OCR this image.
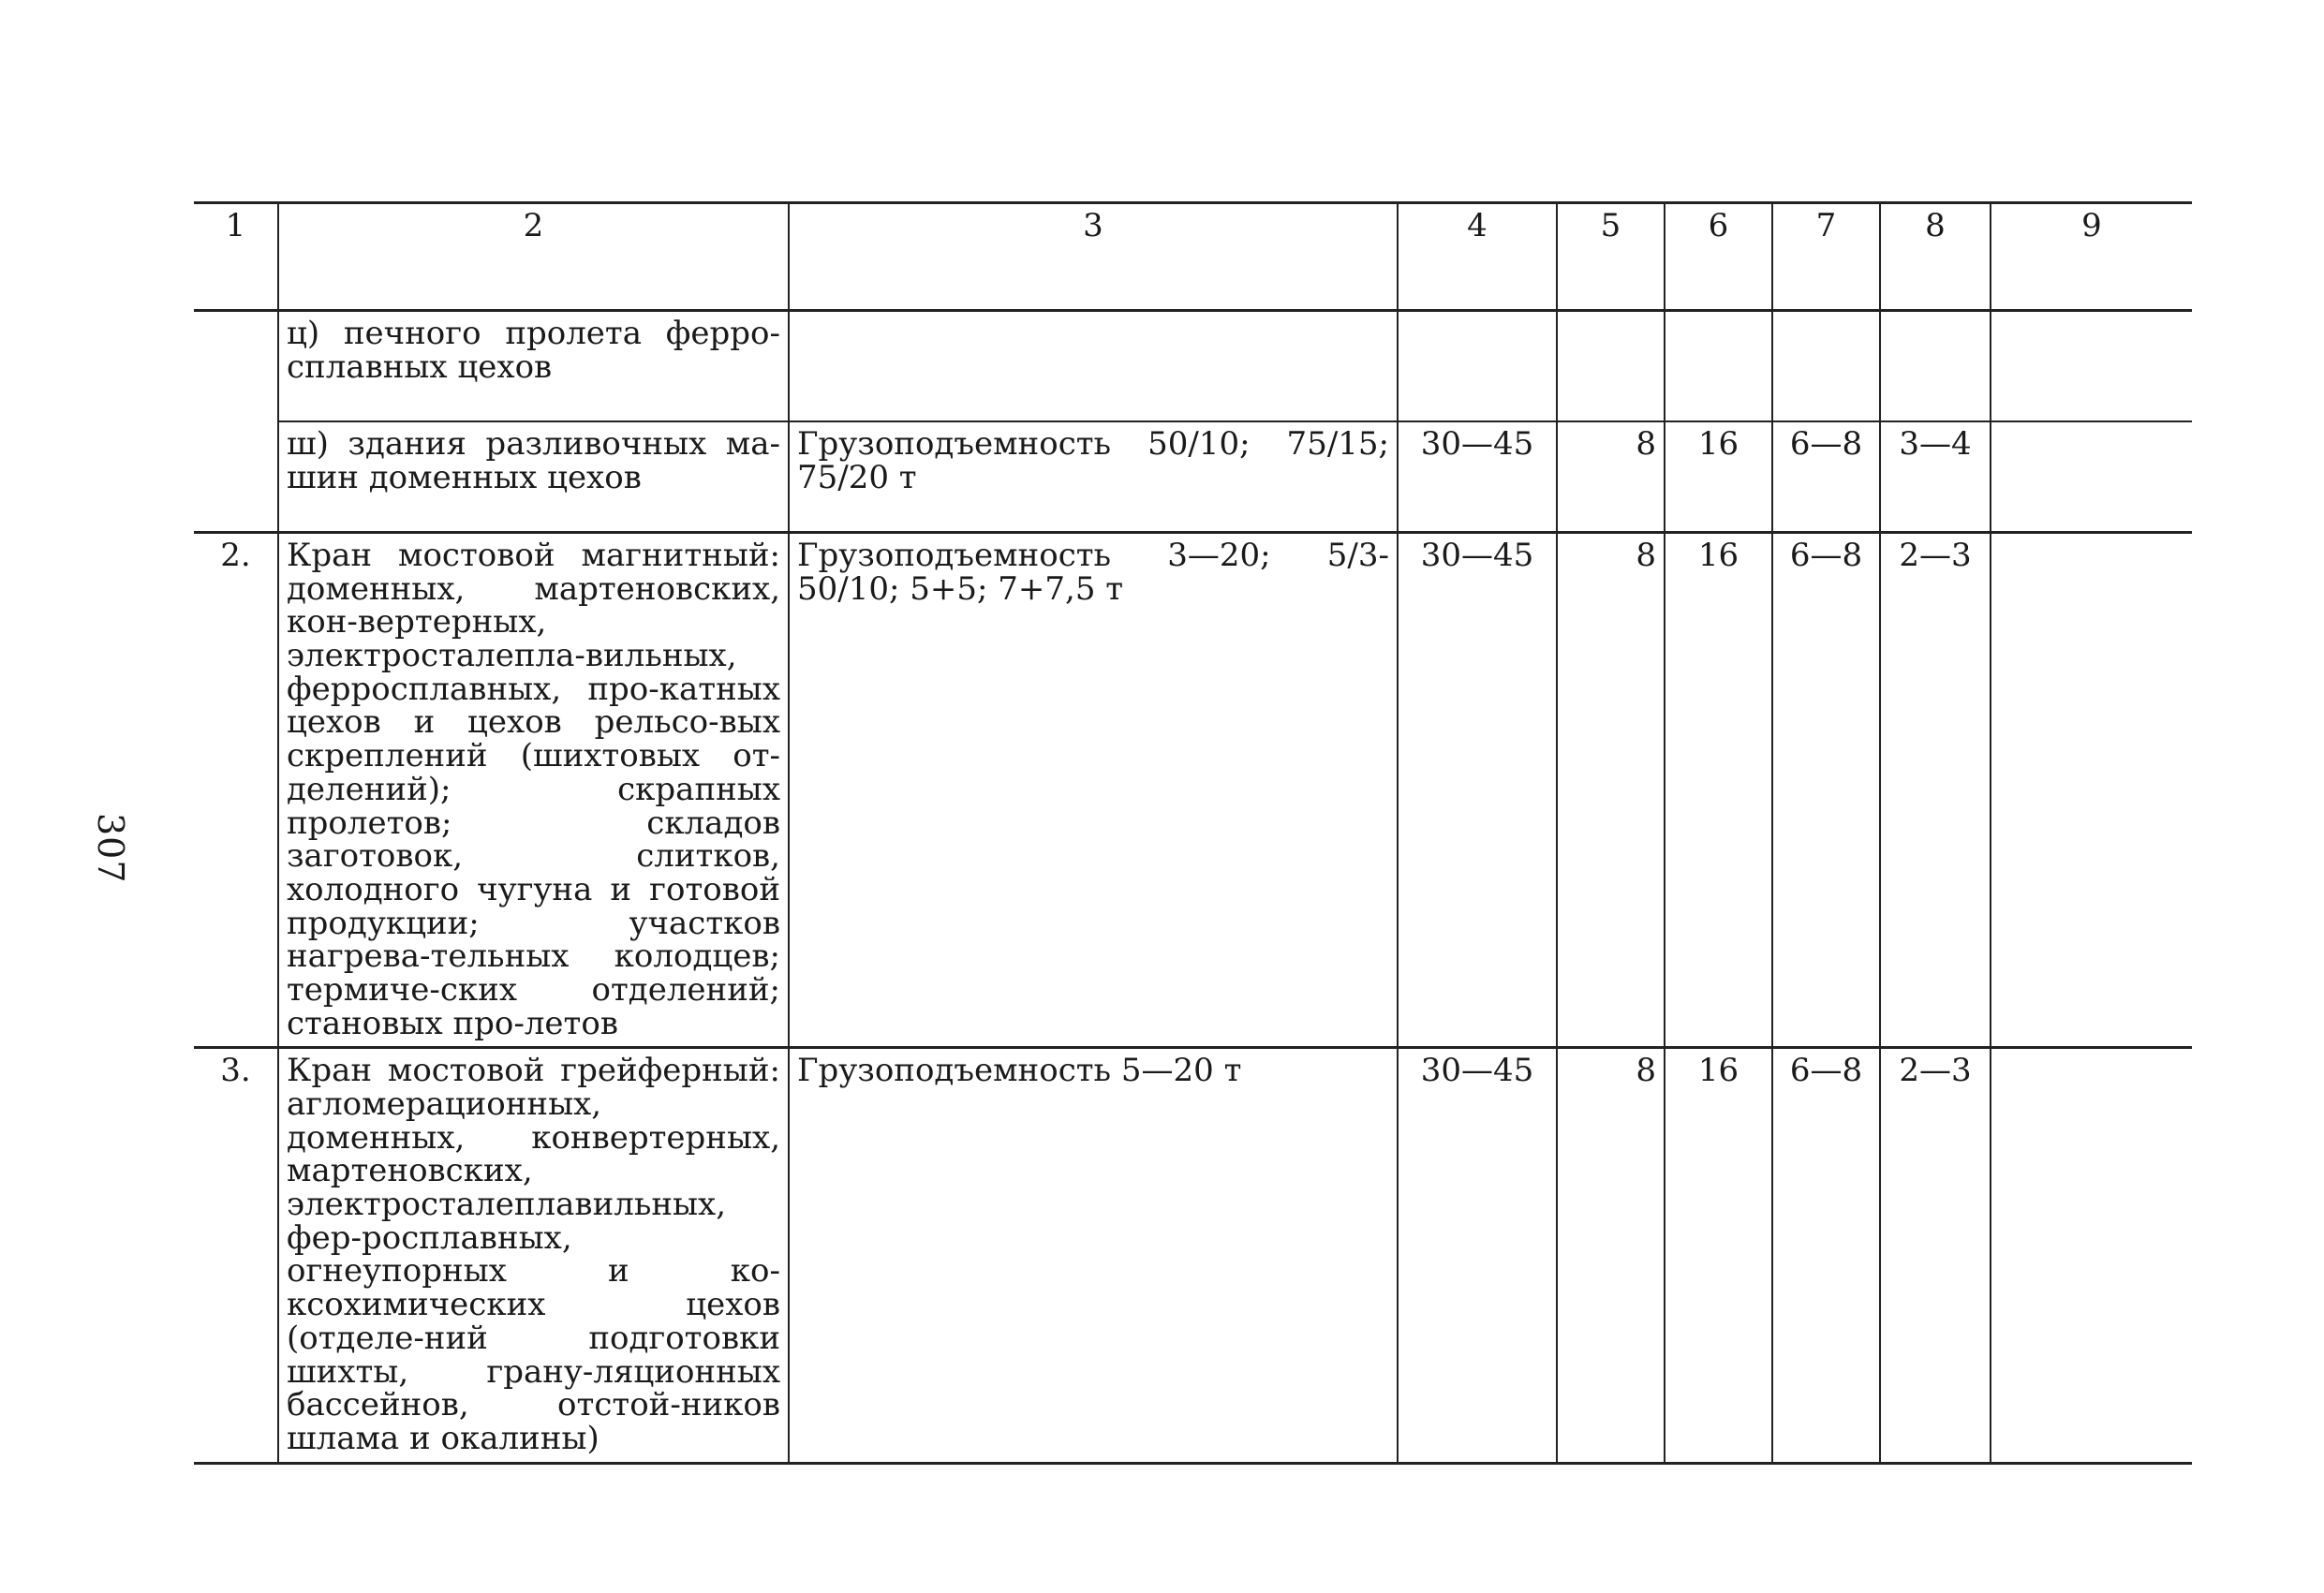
307
1	2	3	4	5	6	7	8	9
	ц) печного пролета ферро-сплавных цехов							
	ш) здания разливочных ма-шин доменных цехов	Грузоподъемность 50/10; 75/15; 75/20 т	30—45	8	16	6—8	3—4	
2.	Кран мостовой магнитный: доменных, мартеновских, кон-вертерных, электросталепла-вильных, ферросплавных, про-катных цехов и цехов рельсо-вых скреплений (шихтовых от-делений); скрапных пролетов; складов заготовок, слитков, холодного чугуна и готовой продукции; участков нагрева-тельных колодцев; термиче-ских отделений; становых про-летов	Грузоподъемность 3—20; 5/3-50/10; 5+5; 7+7,5 т	30—45	8	16	6—8	2—3	
3.	Кран мостовой грейферный: агломерационных, доменных, конвертерных, мартеновских, электросталеплавильных, фер-росплавных, огнеупорных и ко-ксохимических цехов (отделе-ний подготовки шихты, грану-ляционных бассейнов, отстой-ников шлама и окалины)	Грузоподъемность 5—20 т	30—45	8	16	6—8	2—3	
